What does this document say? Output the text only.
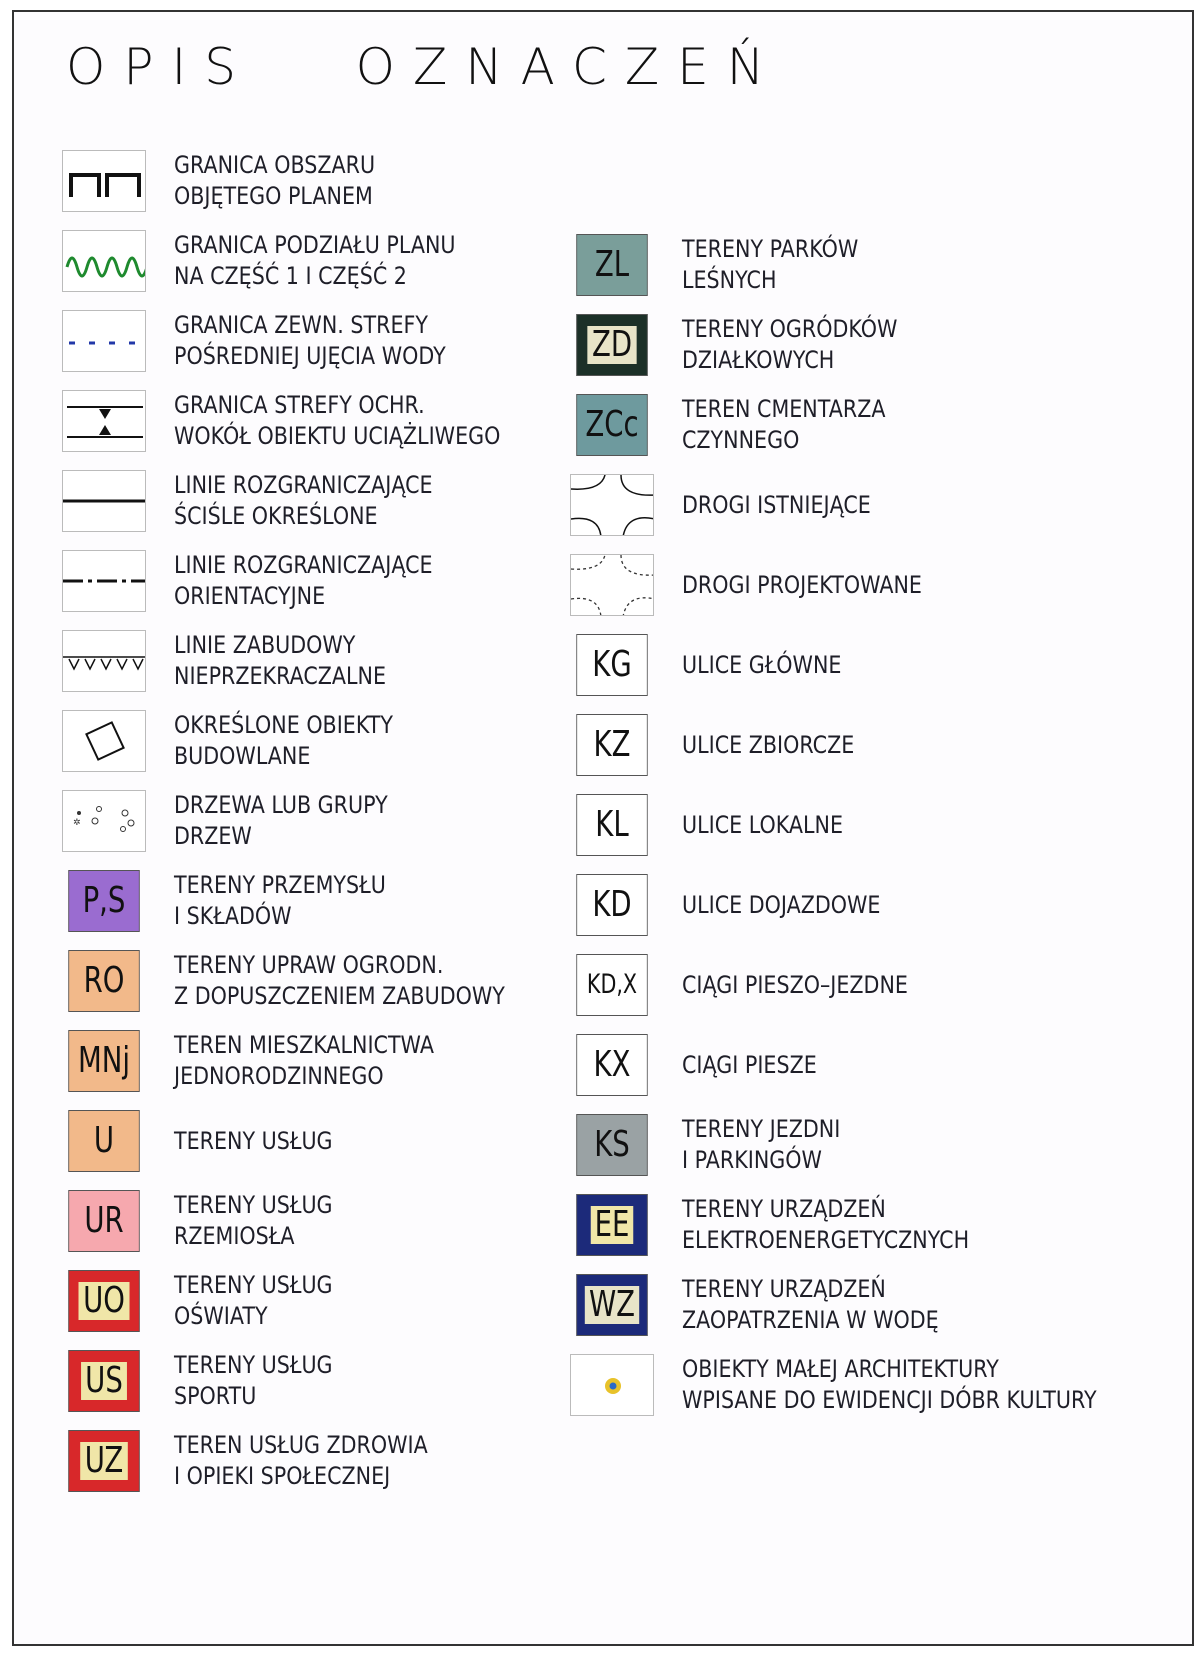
OPIS   OZNACZEŃ
GRANICA OBSZARU
OBJĘTEGO PLANEM
GRANICA PODZIAŁU PLANU
NA CZĘŚĆ 1 I CZĘŚĆ 2
GRANICA ZEWN. STREFY
POŚREDNIEJ UJĘCIA WODY
GRANICA STREFY OCHR.
WOKÓŁ OBIEKTU UCIĄŻLIWEGO
LINIE ROZGRANICZAJĄCE
ŚCIŚLE OKREŚLONE
LINIE ROZGRANICZAJĄCE
ORIENTACYJNE
LINIE ZABUDOWY
NIEPRZEKRACZALNE
OKREŚLONE OBIEKTY
BUDOWLANE
✲
DRZEWA LUB GRUPY
DRZEW
P,S TERENY PRZEMYSŁU
I SKŁADÓW
RO TERENY UPRAW OGRODN.
Z DOPUSZCZENIEM ZABUDOWY
MNj TEREN MIESZKALNICTWA
JEDNORODZINNEGO
U TERENY USŁUG
UR TERENY USŁUG
RZEMIOSŁA
UO TERENY USŁUG
OŚWIATY
US TERENY USŁUG
SPORTU
UZ TEREN USŁUG ZDROWIA
I OPIEKI SPOŁECZNEJ
ZL TERENY PARKÓW
LEŚNYCH
ZD TERENY OGRÓDKÓW
DZIAŁKOWYCH
ZCc TEREN CMENTARZA
CZYNNEGO
DROGI ISTNIEJĄCE
DROGI PROJEKTOWANE
KG ULICE GŁÓWNE
KZ ULICE ZBIORCZE
KL ULICE LOKALNE
KD ULICE DOJAZDOWE
KD,X CIĄGI PIESZO–JEZDNE
KX CIĄGI PIESZE
KS TERENY JEZDNI
I PARKINGÓW
EE TERENY URZĄDZEŃ
ELEKTROENERGETYCZNYCH
WZ TERENY URZĄDZEŃ
ZAOPATRZENIA W WODĘ
OBIEKTY MAŁEJ ARCHITEKTURY
WPISANE DO EWIDENCJI DÓBR KULTURY
